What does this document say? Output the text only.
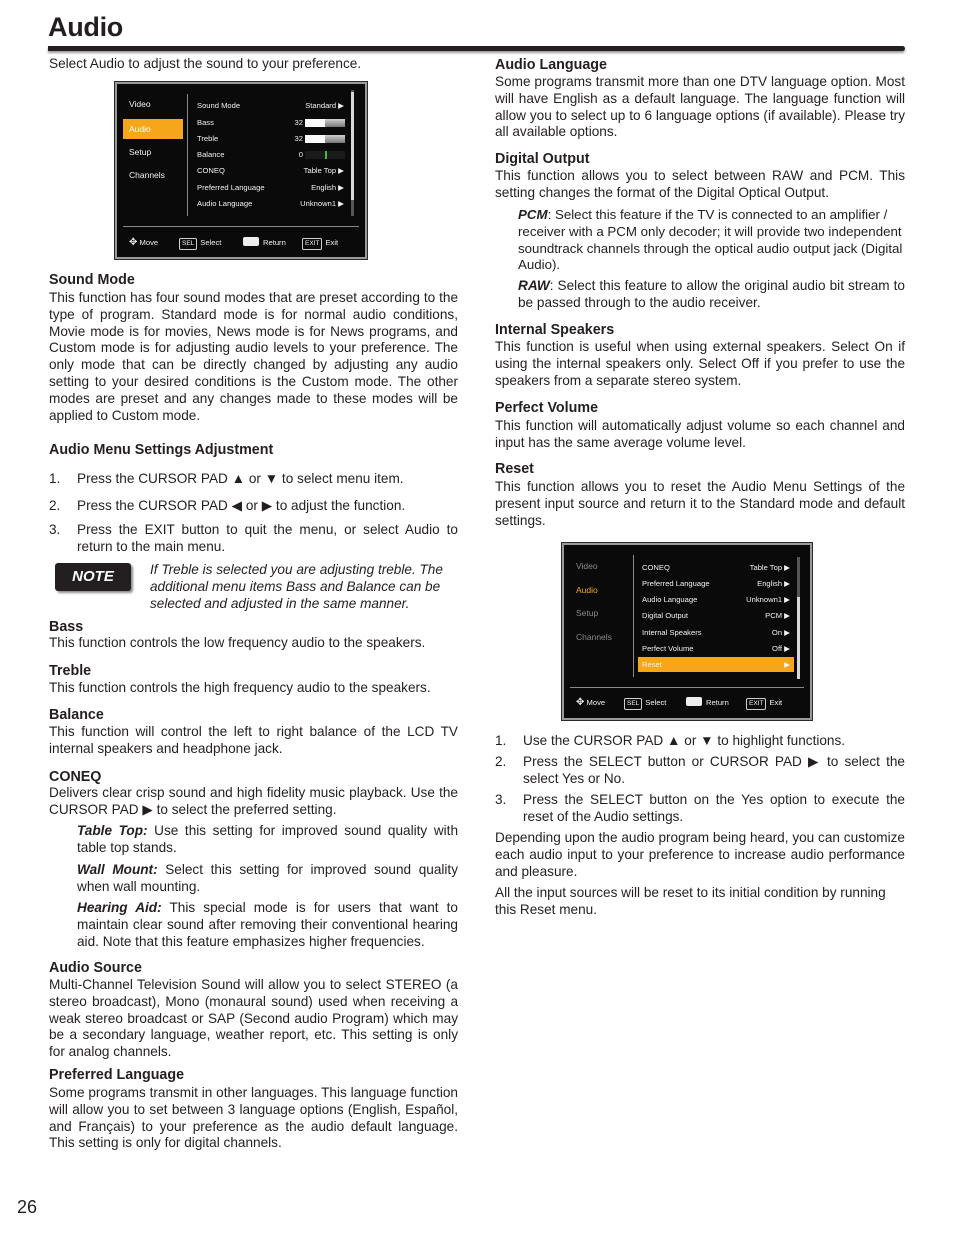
Audio
Select Audio to adjust the sound to your preference.
Video
Audio
Setup
Channels
Sound Mode	Standard ▶
Bass	32
Treble	32
Balance	0
CONEQ	Table Top ▶
Preferred Language	English ▶
Audio Language	Unknown1 ▶
✥ Move	SEL Select	Return	EXIT Exit
Sound Mode
This function has four sound modes that are preset according to the type of program. Standard mode is for normal audio conditions, Movie mode is for movies, News mode is for News programs, and Custom mode is for adjusting audio levels to your preference. The only mode that can be directly changed by adjusting any audio setting to your desired conditions is the Custom mode. The other modes are preset and any changes made to these modes will be applied to Custom mode.
Audio Menu Settings Adjustment
1. Press the CURSOR PAD ▲ or ▼ to select menu item.
2. Press the CURSOR PAD ◀ or ▶ to adjust the function.
3. Press the EXIT button to quit the menu, or select Audio to return to the main menu.
If Treble is selected you are adjusting treble. The additional menu items Bass and Balance can be selected and adjusted in the same manner.
Bass
This function controls the low frequency audio to the speakers.
Treble
This function controls the high frequency audio to the speakers.
Balance
This function will control the left to right balance of the LCD TV internal speakers and headphone jack.
CONEQ
Delivers clear crisp sound and high fidelity music playback. Use the CURSOR PAD ▶ to select the preferred setting.
Table Top: Use this setting for improved sound quality with table top stands.
Wall Mount: Select this setting for improved sound quality when wall mounting.
Hearing Aid: This special mode is for users that want to maintain clear sound after removing their conventional hearing aid. Note that this feature emphasizes higher frequencies.
Audio Source
Multi-Channel Television Sound will allow you to select STEREO (a stereo broadcast), Mono (monaural sound) used when receiving a weak stereo broadcast or SAP (Second audio Program) which may be a secondary language, weather report, etc. This setting is only for analog channels.
Preferred Language
Some programs transmit in other languages. This language function will allow you to set between 3 language options (English, Español, and Français) to your preference as the audio default language. This setting is only for digital channels.
NOTE
Audio Language
Some programs transmit more than one DTV language option. Most will have English as a default language. The language function will allow you to select up to 6 language options (if available). Please try all available options.
Digital Output
This function allows you to select between RAW and PCM. This setting changes the format of the Digital Optical Output.
PCM: Select this feature if the TV is connected to an amplifier / receiver with a PCM only decoder; it will provide two independent soundtrack channels through the optical audio output jack (Digital Audio).
RAW: Select this feature to allow the original audio bit stream to be passed through to the audio receiver.
Internal Speakers
This function is useful when using external speakers. Select On if using the internal speakers only. Select Off if you prefer to use the speakers from a separate stereo system.
Perfect Volume
This function will automatically adjust volume so each channel and input has the same average volume level.
Reset
This function allows you to reset the Audio Menu Settings of the present input source and return it to the Standard mode and default settings.
Video
Audio
Setup
Channels
CONEQ	Table Top ▶
Preferred Language	English ▶
Audio Language	Unknown1 ▶
Digital Output	PCM ▶
Internal Speakers	On ▶
Perfect Volume	Off ▶
Reset	▶
✥ Move	SEL Select	Return	EXIT Exit
1. Use the CURSOR PAD ▲ or ▼ to highlight functions.
2. Press the SELECT button or CURSOR PAD ▶ to select the select Yes or No.
3. Press the SELECT button on the Yes option to execute the reset of the Audio settings.
Depending upon the audio program being heard, you can customize each audio input to your preference to increase audio performance and pleasure.
All the input sources will be reset to its initial condition by running this Reset menu.
26
